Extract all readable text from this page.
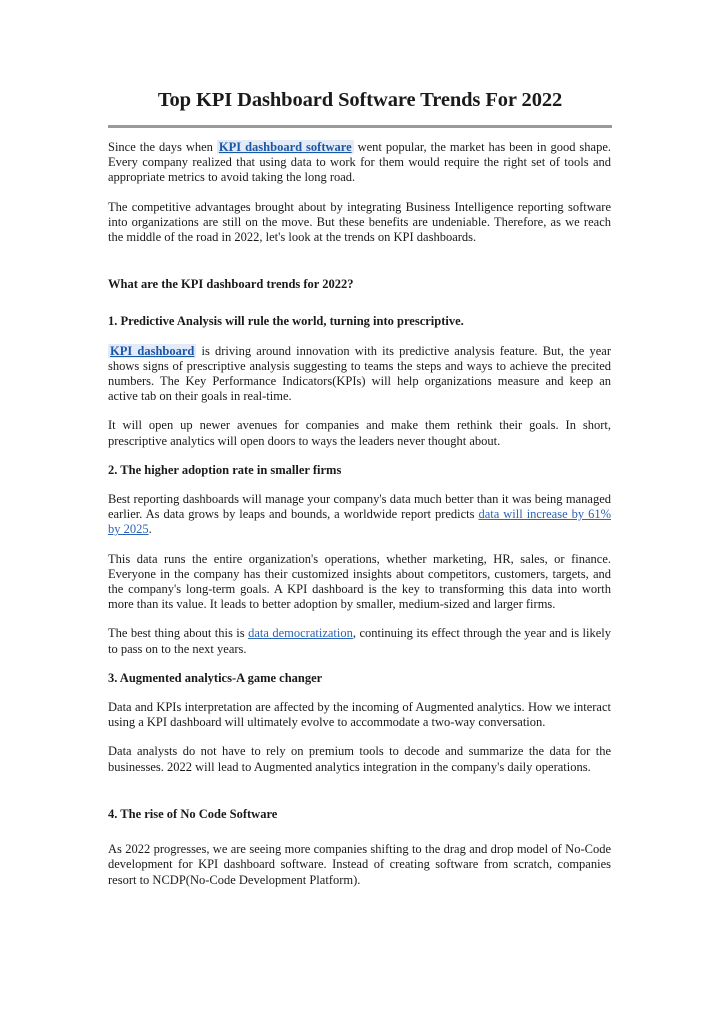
Top KPI Dashboard Software Trends For 2022

Since the days when KPI dashboard software went popular, the market has been in good shape. Every company realized that using data to work for them would require the right set of tools and appropriate metrics to avoid taking the long road.

The competitive advantages brought about by integrating Business Intelligence reporting software into organizations are still on the move. But these benefits are undeniable. Therefore, as we reach the middle of the road in 2022, let's look at the trends on KPI dashboards.

What are the KPI dashboard trends for 2022?

1. Predictive Analysis will rule the world, turning into prescriptive.

KPI dashboard is driving around innovation with its predictive analysis feature. But, the year shows signs of prescriptive analysis suggesting to teams the steps and ways to achieve the precited numbers. The Key Performance Indicators(KPIs) will help organizations measure and keep an active tab on their goals in real-time.

It will open up newer avenues for companies and make them rethink their goals. In short, prescriptive analytics will open doors to ways the leaders never thought about.

2. The higher adoption rate in smaller firms

Best reporting dashboards will manage your company's data much better than it was being managed earlier. As data grows by leaps and bounds, a worldwide report predicts data will increase by 61% by 2025.

This data runs the entire organization's operations, whether marketing, HR, sales, or finance. Everyone in the company has their customized insights about competitors, customers, targets, and the company's long-term goals. A KPI dashboard is the key to transforming this data into worth more than its value. It leads to better adoption by smaller, medium-sized and larger firms.

The best thing about this is data democratization, continuing its effect through the year and is likely to pass on to the next years.

3. Augmented analytics-A game changer

Data and KPIs interpretation are affected by the incoming of Augmented analytics. How we interact using a KPI dashboard will ultimately evolve to accommodate a two-way conversation.

Data analysts do not have to rely on premium tools to decode and summarize the data for the businesses. 2022 will lead to Augmented analytics integration in the company's daily operations.

4. The rise of No Code Software

As 2022 progresses, we are seeing more companies shifting to the drag and drop model of No-Code development for KPI dashboard software. Instead of creating software from scratch, companies resort to NCDP(No-Code Development Platform).
